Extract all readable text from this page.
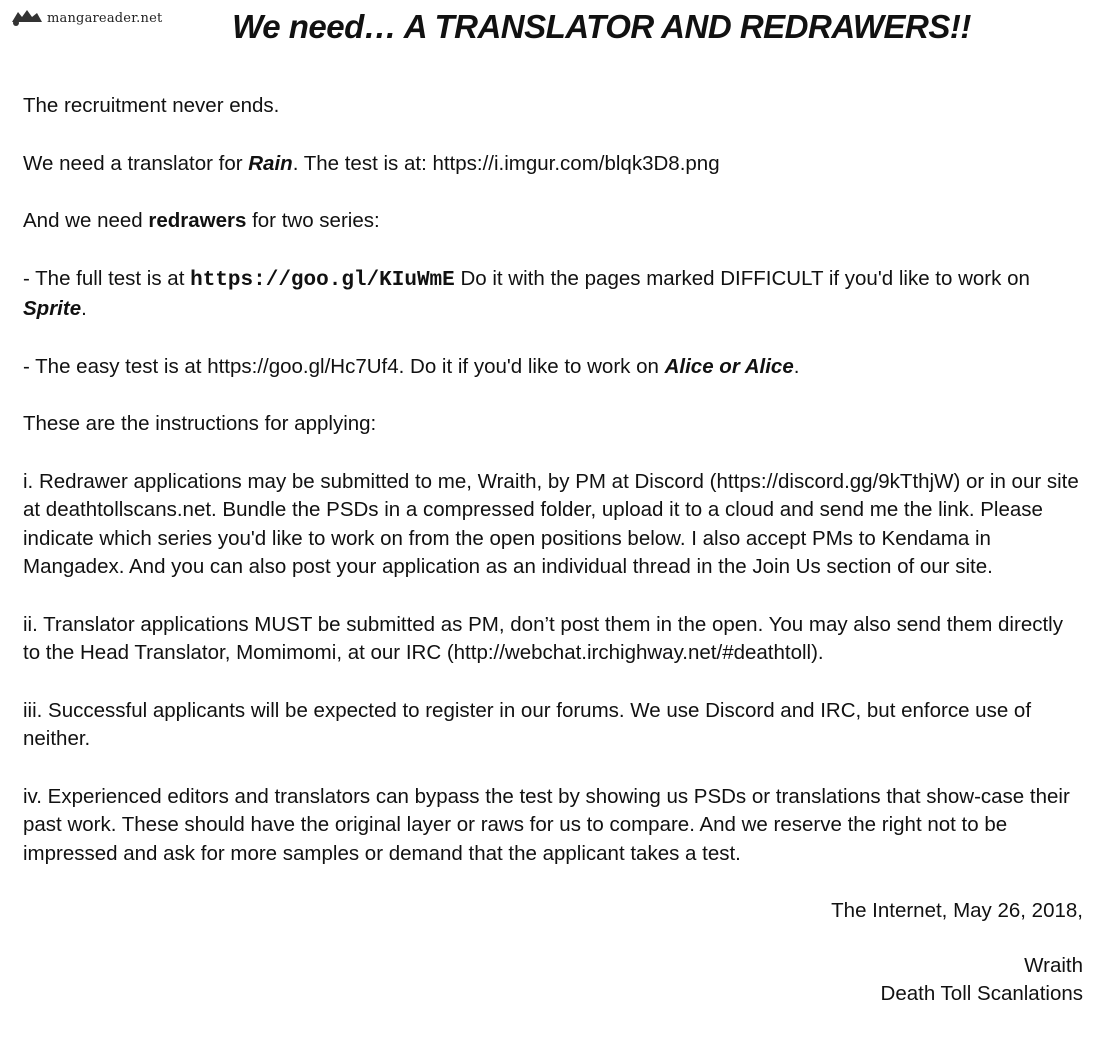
mangareader.net	We need… A TRANSLATOR AND REDRAWERS!!

The recruitment never ends.

We need a translator for Rain. The test is at: https://i.imgur.com/blqk3D8.png

And we need redrawers for two series:

- The full test is at https://goo.gl/KIuWmE Do it with the pages marked DIFFICULT if you'd like to work on Sprite.

- The easy test is at https://goo.gl/Hc7Uf4. Do it if you'd like to work on Alice or Alice.

These are the instructions for applying:

i. Redrawer applications may be submitted to me, Wraith, by PM at Discord (https://discord.gg/9kTthjW) or in our site at deathtollscans.net. Bundle the PSDs in a compressed folder, upload it to a cloud and send me the link. Please indicate which series you'd like to work on from the open positions below. I also accept PMs to Kendama in Mangadex. And you can also post your application as an individual thread in the Join Us section of our site.

ii. Translator applications MUST be submitted as PM, don’t post them in the open. You may also send them directly to the Head Translator, Momimomi, at our IRC (http://webchat.irchighway.net/#deathtoll).

iii. Successful applicants will be expected to register in our forums. We use Discord and IRC, but enforce use of neither.

iv. Experienced editors and translators can bypass the test by showing us PSDs or translations that show-case their past work. These should have the original layer or raws for us to compare. And we reserve the right not to be impressed and ask for more samples or demand that the applicant takes a test.

The Internet, May 26, 2018,
Wraith
Death Toll Scanlations
